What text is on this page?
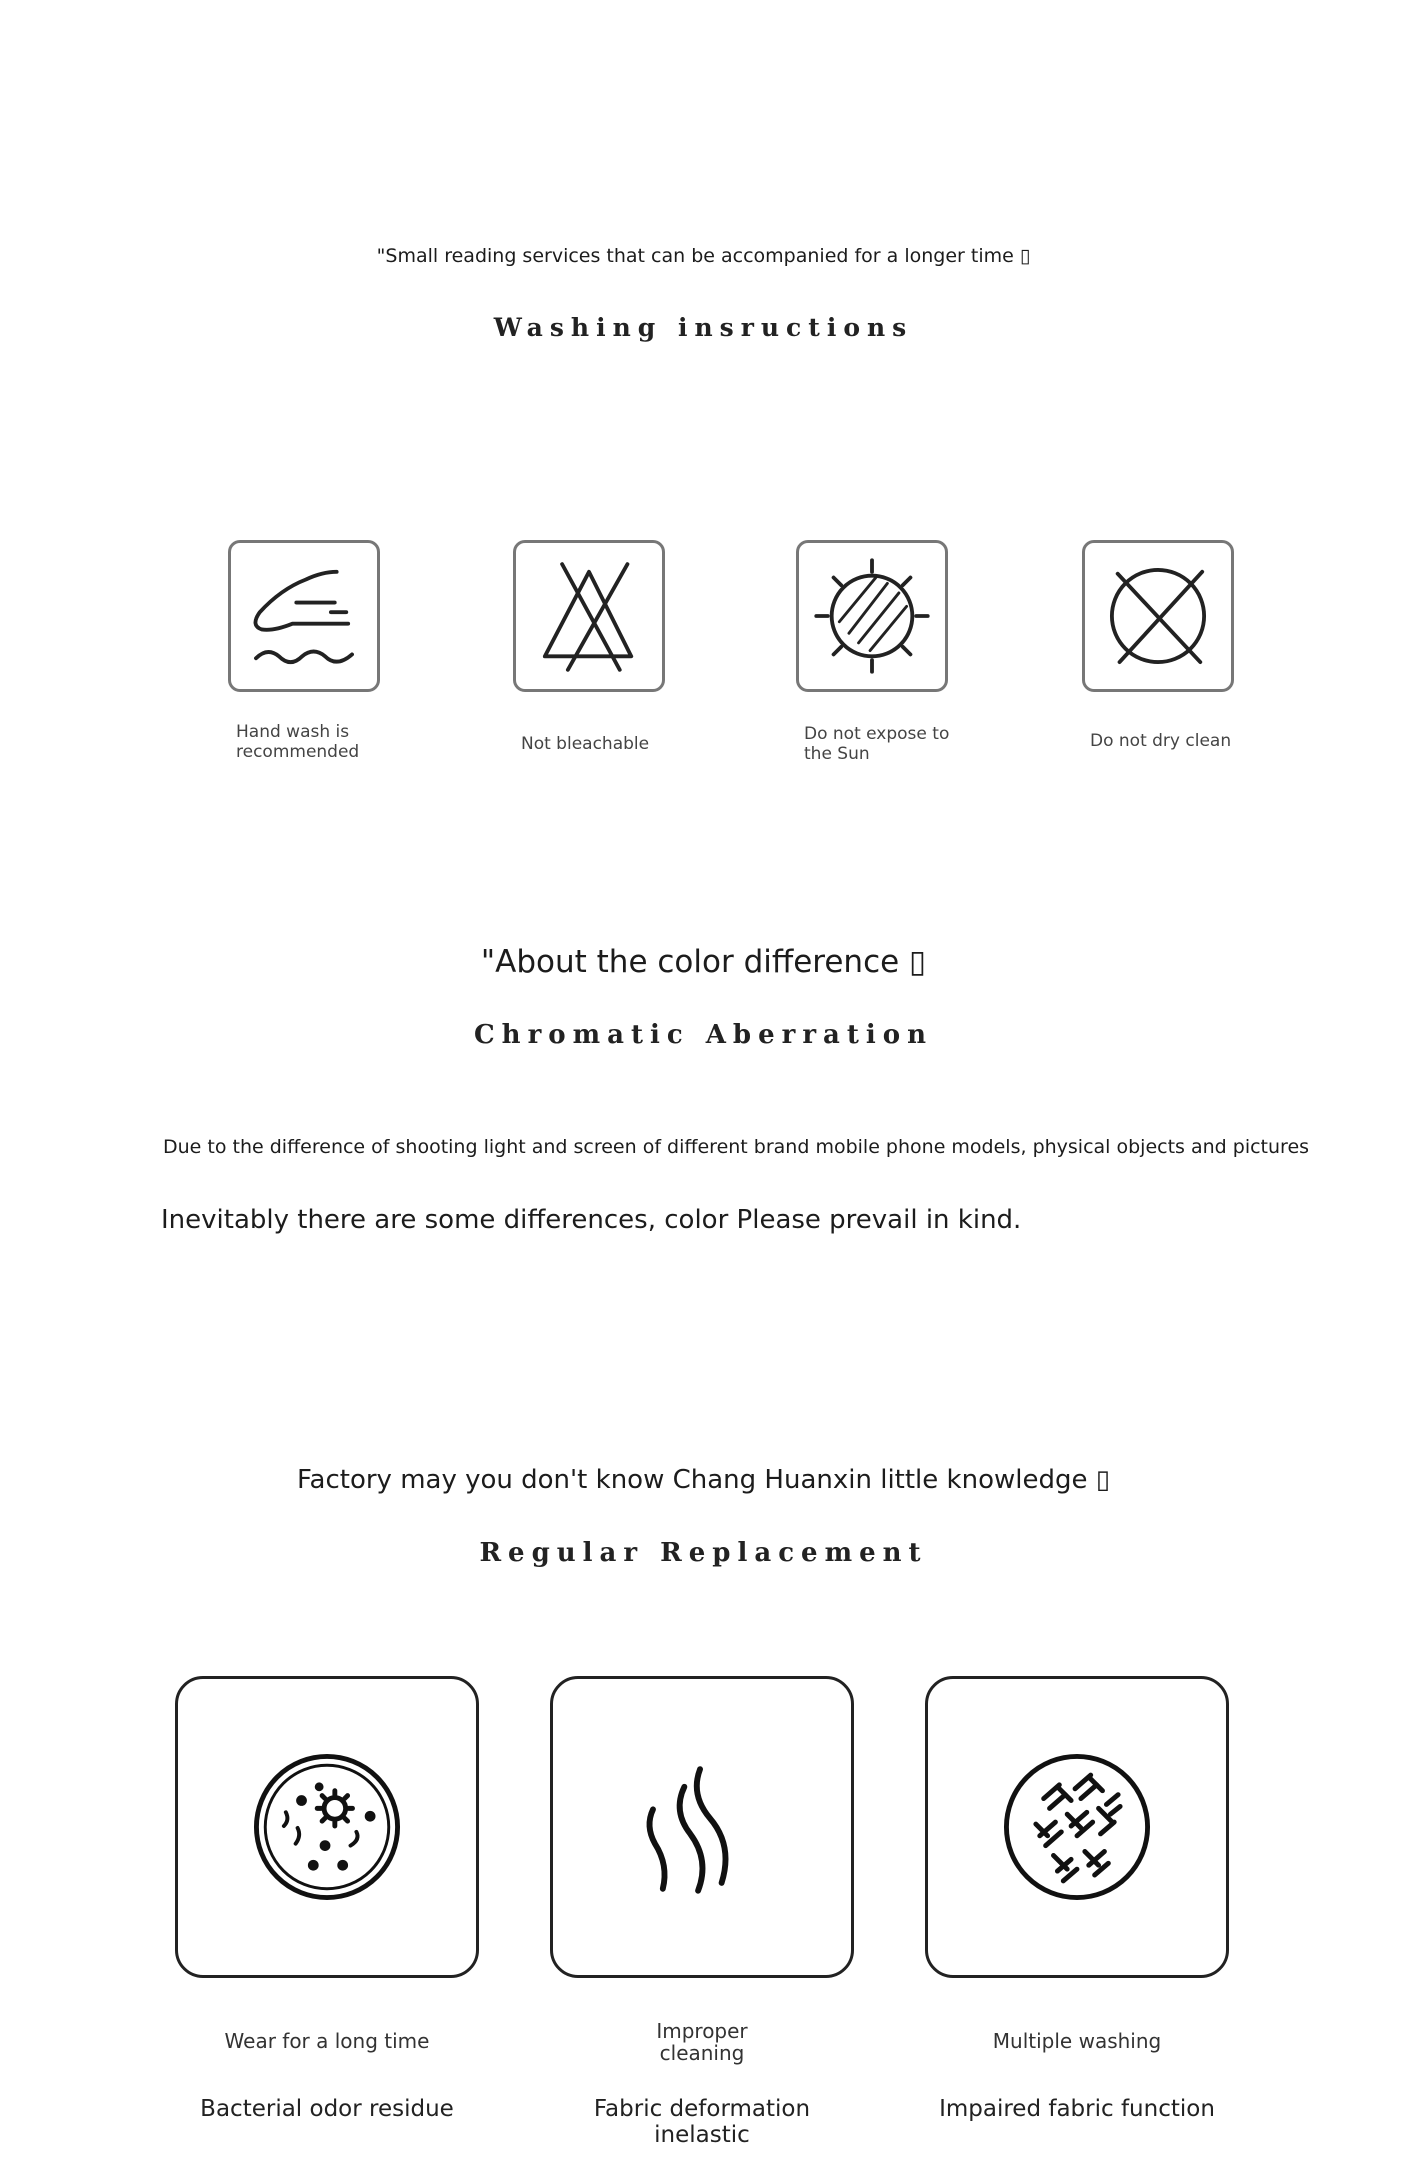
"Small reading services that can be accompanied for a longer time ▯
Washing insructions
Hand wash is
recommended	Not bleachable	Do not expose to
the Sun
Do not dry clean
"About the color difference ▯
Chromatic Aberration
Due to the difference of shooting light and screen of different brand mobile phone models, physical objects and pictures
Inevitably there are some differences, color Please prevail in kind.
Factory may you don't know Chang Huanxin little knowledge ▯
Regular Replacement
Wear for a long time
Bacterial odor residue
Improper
cleaning
Fabric deformation inelastic
Multiple washing
Impaired fabric function
